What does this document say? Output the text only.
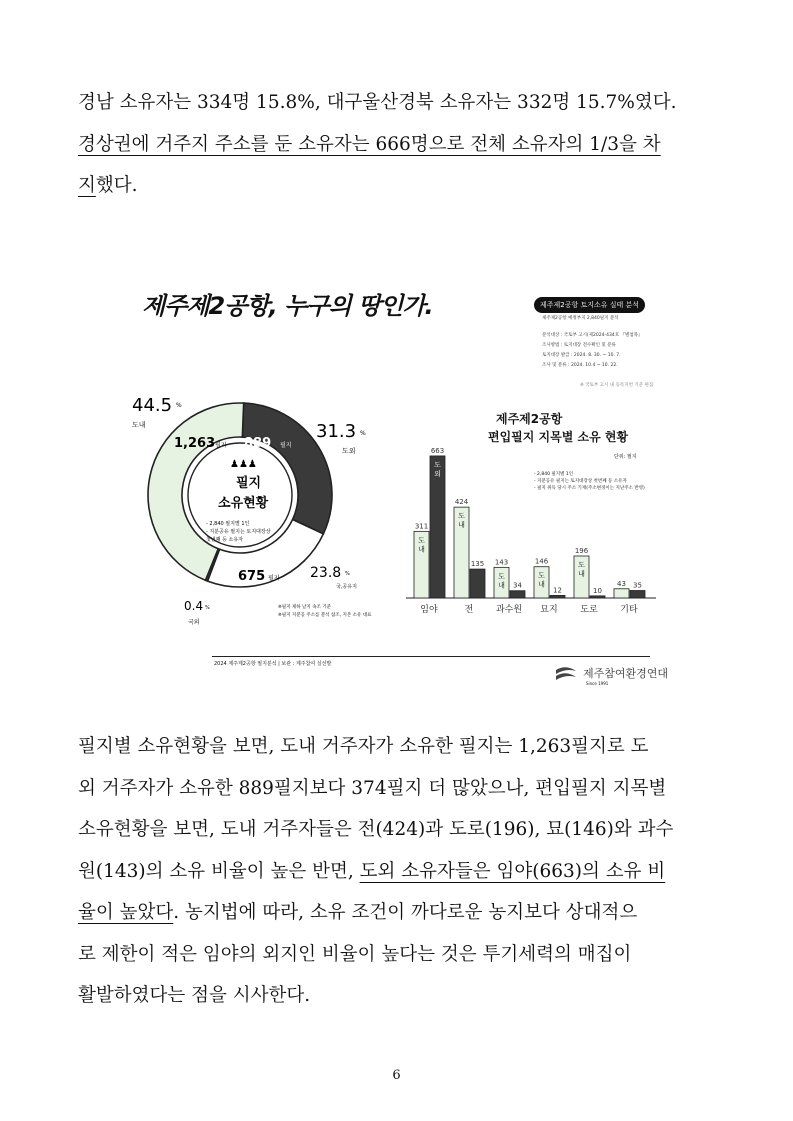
경남 소유자는 334명 15.8%, 대구울산경북 소유자는 332명 15.7%였다.
경상권에 거주지 주소를 둔 소유자는 666명으로 전체 소유자의 1/3을 차
지했다.
제주제2공항, 누구의 땅인가.	제주제2공항 토지소유 실태 분석
제주제2공항 예정부지 2,840필지 분석
분석대상 : 국토부 고시(제2024-434호 『별첨목』
조사방법 : 토지대장 전수확인 및 분류
토지대장 발급 : 2024. 8. 30. ~ 10. 7.
조사 및 분류 : 2024. 10.4 ~ 10. 22.
※ 국토부 고시 내 등록지번 기준 편집
44.5 %
도내	31.3 %
도외
23.8 %
국,공유지
0.4 %
국외
1,263 필지 889 필지
675 필지
♟♟♟
필지
소유현황
- 2,840 필지별 1인
- 지분공유 필지는 토지대장상
첫번째 등 소유자
※필지 제하 날지 속조 기준
※필지 지분공 주소를 분석 참조, 지본 소유 대표
제주제2공항
편입필지 지목별 소유 현황
단위: 필지
- 2,840 필지별 1인
- 지분공유 필지는 토지대장상 첫번째 등 소유자
- 필지 취득 당시 주소 기재(주소변경이는 지난주소 반영)
311
도
내
663
도
외
임야
424
도
내
135
전
143
도
내 34
과수원
146
도
내
12
묘지
196
도
내
10
도로
43 35
기타
2024 제주제2공항 필지분석 | 보관 : 제주참여 실선발
제주참여환경연대
Since 1991
필지별 소유현황을 보면, 도내 거주자가 소유한 필지는 1,263필지로 도
외 거주자가 소유한 889필지보다 374필지 더 많았으나, 편입필지 지목별
소유현황을 보면, 도내 거주자들은 전(424)과 도로(196), 묘(146)와 과수
원(143)의 소유 비율이 높은 반면, 도외 소유자들은 임야(663)의 소유 비
율이 높았다. 농지법에 따라, 소유 조건이 까다로운 농지보다 상대적으
로 제한이 적은 임야의 외지인 비율이 높다는 것은 투기세력의 매집이
활발하였다는 점을 시사한다.
6
